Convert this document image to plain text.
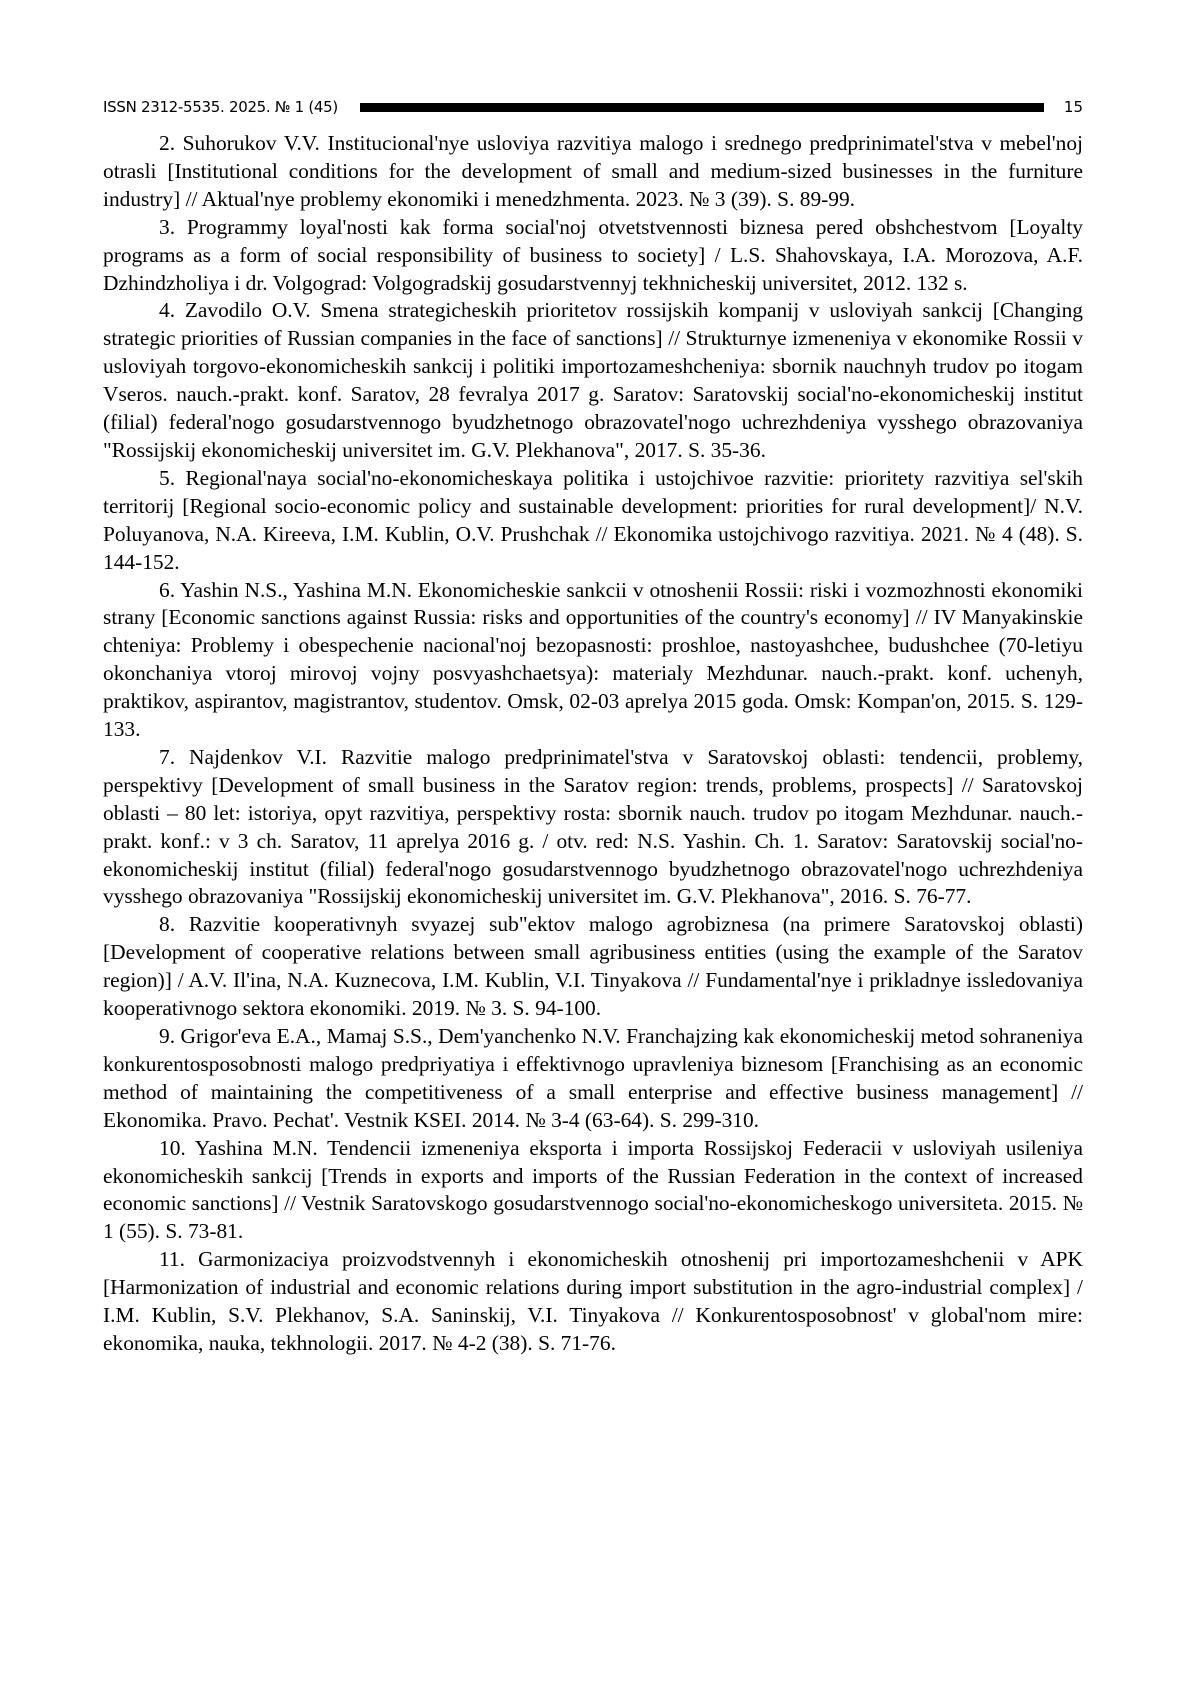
ISSN 2312-5535. 2025. № 1 (45)	15

2. Suhorukov V.V. Institucional'nye usloviya razvitiya malogo i srednego predprinimatel'stva v mebel'noj otrasli [Institutional conditions for the development of small and medium-sized businesses in the furniture industry] // Aktual'nye problemy ekonomiki i menedzhmenta. 2023. № 3 (39). S. 89-99.

3. Programmy loyal'nosti kak forma social'noj otvetstvennosti biznesa pered obshchestvom [Loyalty programs as a form of social responsibility of business to society] / L.S. Shahovskaya, I.A. Morozova, A.F. Dzhindzholiya i dr. Volgograd: Volgogradskij gosudarstvennyj tekhnicheskij universitet, 2012. 132 s.

4. Zavodilo O.V. Smena strategicheskih prioritetov rossijskih kompanij v usloviyah sankcij [Changing strategic priorities of Russian companies in the face of sanctions] // Strukturnye izmeneniya v ekonomike Rossii v usloviyah torgovo-ekonomicheskih sankcij i politiki importozameshcheniya: sbornik nauchnyh trudov po itogam Vseros. nauch.-prakt. konf. Saratov, 28 fevralya 2017 g. Saratov: Saratovskij social'no-ekonomicheskij institut (filial) federal'nogo gosudarstvennogo byudzhetnogo obrazovatel'nogo uchrezhdeniya vysshego obrazovaniya "Rossijskij ekonomicheskij universitet im. G.V. Plekhanova", 2017. S. 35-36.

5. Regional'naya social'no-ekonomicheskaya politika i ustojchivoe razvitie: prioritety razvitiya sel'skih territorij [Regional socio-economic policy and sustainable development: priorities for rural development]/ N.V. Poluyanova, N.A. Kireeva, I.M. Kublin, O.V. Prushchak // Ekonomika ustojchivogo razvitiya. 2021. № 4 (48). S. 144-152.

6. Yashin N.S., Yashina M.N. Ekonomicheskie sankcii v otnoshenii Rossii: riski i vozmozhnosti ekonomiki strany [Economic sanctions against Russia: risks and opportunities of the country's economy] // IV Manyakinskie chteniya: Problemy i obespechenie nacional'noj bezopasnosti: proshloe, nastoyashchee, budushchee (70-letiyu okonchaniya vtoroj mirovoj vojny posvyashchaetsya): materialy Mezhdunar. nauch.-prakt. konf. uchenyh, praktikov, aspirantov, magistrantov, studentov. Omsk, 02-03 aprelya 2015 goda. Omsk: Kompan'on, 2015. S. 129-133.

7. Najdenkov V.I. Razvitie malogo predprinimatel'stva v Saratovskoj oblasti: tendencii, problemy, perspektivy [Development of small business in the Saratov region: trends, problems, prospects] // Saratovskoj oblasti – 80 let: istoriya, opyt razvitiya, perspektivy rosta: sbornik nauch. trudov po itogam Mezhdunar. nauch.-prakt. konf.: v 3 ch. Saratov, 11 aprelya 2016 g. / otv. red: N.S. Yashin. Ch. 1. Saratov: Saratovskij social'no-ekonomicheskij institut (filial) federal'nogo gosudarstvennogo byudzhetnogo obrazovatel'nogo uchrezhdeniya vysshego obrazovaniya "Rossijskij ekonomicheskij universitet im. G.V. Plekhanova", 2016. S. 76-77.

8. Razvitie kooperativnyh svyazej sub"ektov malogo agrobiznesa (na primere Saratovskoj oblasti) [Development of cooperative relations between small agribusiness entities (using the example of the Saratov region)] / A.V. Il'ina, N.A. Kuznecova, I.M. Kublin, V.I. Tinyakova // Fundamental'nye i prikladnye issledovaniya kooperativnogo sektora ekonomiki. 2019. № 3. S. 94-100.

9. Grigor'eva E.A., Mamaj S.S., Dem'yanchenko N.V. Franchajzing kak ekonomicheskij metod sohraneniya konkurentosposobnosti malogo predpriyatiya i effektivnogo upravleniya biznesom [Franchising as an economic method of maintaining the competitiveness of a small enterprise and effective business management] // Ekonomika. Pravo. Pechat'. Vestnik KSEI. 2014. № 3-4 (63-64). S. 299-310.

10. Yashina M.N. Tendencii izmeneniya eksporta i importa Rossijskoj Federacii v usloviyah usileniya ekonomicheskih sankcij [Trends in exports and imports of the Russian Federation in the context of increased economic sanctions] // Vestnik Saratovskogo gosudarstvennogo social'no-ekonomicheskogo universiteta. 2015. № 1 (55). S. 73-81.

11. Garmonizaciya proizvodstvennyh i ekonomicheskih otnoshenij pri importozameshchenii v APK [Harmonization of industrial and economic relations during import substitution in the agro-industrial complex] / I.M. Kublin, S.V. Plekhanov, S.A. Saninskij, V.I. Tinyakova // Konkurentosposobnost' v global'nom mire: ekonomika, nauka, tekhnologii. 2017. № 4-2 (38). S. 71-76.
